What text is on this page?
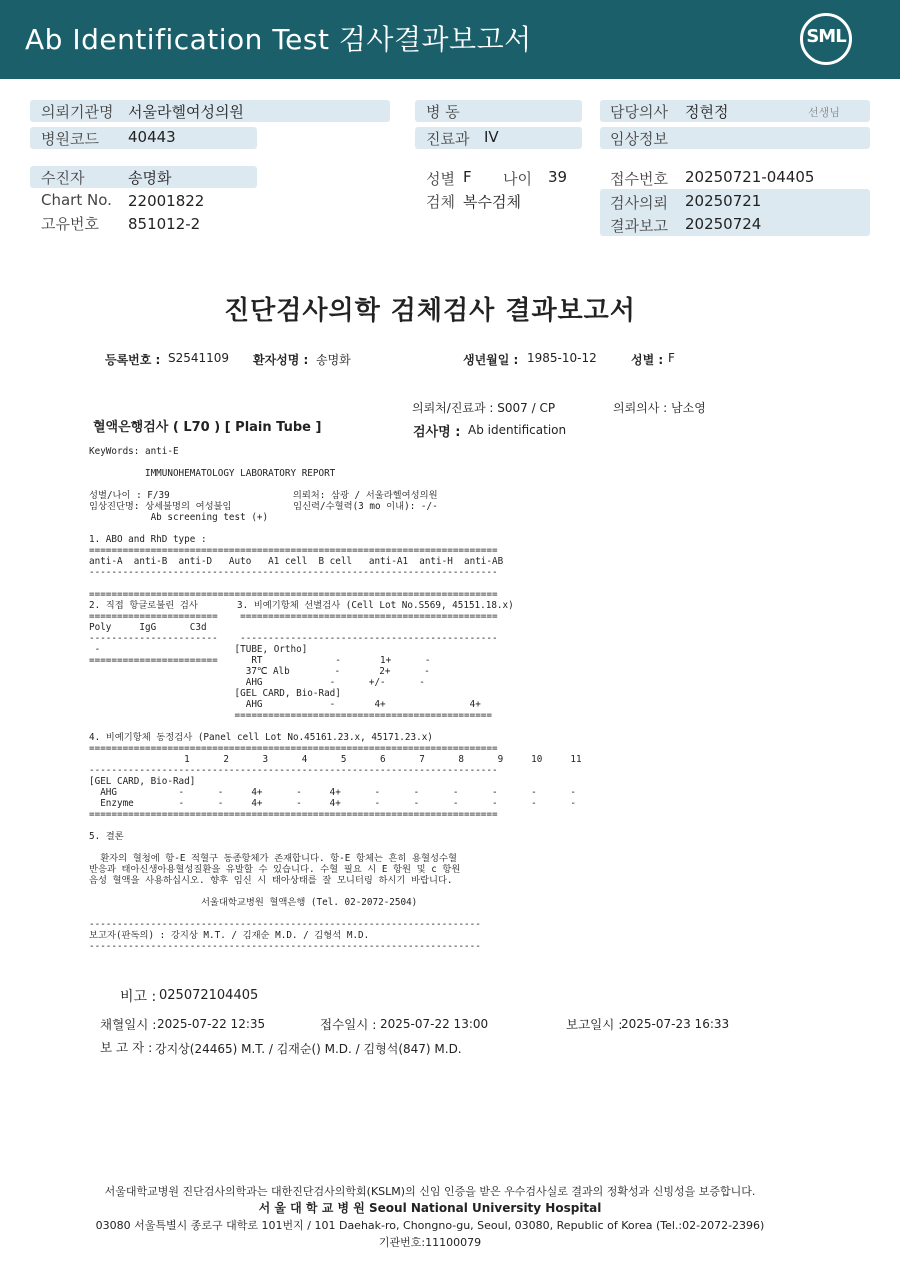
Ab Identification Test 검사결과보고서	SML
의뢰기관명 서울라헬여성의원
병원코드 40443
병 동
진료과 IV
담당의사 정현정	선생님
임상정보
수진자	송명화
Chart No. 22001822
고유번호 851012-2
성별 F 나이 39
검체 복수검체
접수번호 20250721-04405
검사의뢰 20250721
결과보고 20250724
진단검사의학 검체검사 결과보고서
등록번호 : S2541109 환자성명 : 송명화	생년월일 : 1985-10-12	성별 : F
의뢰처/진료과 : S007 / CP	의뢰의사 : 남소영
혈액은행검사 ( L70 ) [ Plain Tube ]	검사명 : Ab identification
KeyWords: anti-E
IMMUNOHEMATOLOGY LABORATORY REPORT
성별/나이 : F/39                      의뢰처: 삼광 / 서울라헬여성의원
임상진단명: 상세불명의 여성불임           임신력/수혈력(3 mo 이내): -/-
Ab screening test (+)
1. ABO and RhD type :
=========================================================================
anti-A  anti-B  anti-D   Auto   A1 cell  B cell   anti-A1  anti-H  anti-AB
-------------------------------------------------------------------------
=========================================================================
2. 직접 항글로불린 검사       3. 비예기항체 선별검사 (Cell Lot No.S569, 45151.18.x)
=======================    ==============================================
Poly     IgG      C3d
-----------------------    ----------------------------------------------
-                        [TUBE, Ortho]
=======================      RT             -       1+      -
37℃ Alb        -       2+      -
AHG            -      +/-      -
[GEL CARD, Bio-Rad]
AHG            -       4+               4+
==============================================
4. 비예기항체 동정검사 (Panel cell Lot No.45161.23.x, 45171.23.x)
=========================================================================
1      2      3      4      5      6      7      8      9     10     11
-------------------------------------------------------------------------
[GEL CARD, Bio-Rad]
AHG           -      -     4+      -     4+      -      -      -      -      -      -
Enzyme        -      -     4+      -     4+      -      -      -      -      -      -
=========================================================================
5. 결론
환자의 혈청에 항-E 적혈구 동종항체가 존재합니다. 항-E 항체는 흔히 용혈성수혈
반응과 태아신생아용혈성질환을 유발할 수 있습니다. 수혈 필요 시 E 항원 및 c 항원
음성 혈액을 사용하십시오. 향후 임신 시 태아상태를 잘 모니터링 하시기 바랍니다.
서울대학교병원 혈액은행 (Tel. 02-2072-2504)
----------------------------------------------------------------------
보고자(판독의) : 강지상 M.T. / 김재순 M.D. / 김형석 M.D.
----------------------------------------------------------------------
비고 : 025072104405
채혈일시 : 2025-07-22 12:35	접수일시 : 2025-07-22 13:00	보고일시 :
2025-07-23 16:33
보 고 자 : 강지상(24465) M.T. / 김재순() M.D. / 김형석(847) M.D.
서울대학교병원 진단검사의학과는 대한진단검사의학회(KSLM)의 신임 인증을 받은 우수검사실로 결과의 정확성과 신빙성을 보증합니다.
서 울 대 학 교 병 원 Seoul National University Hospital
03080 서울특별시 종로구 대학로 101번지 / 101 Daehak-ro, Chongno-gu, Seoul, 03080, Republic of Korea (Tel.:02-2072-2396)
기관번호:11100079
